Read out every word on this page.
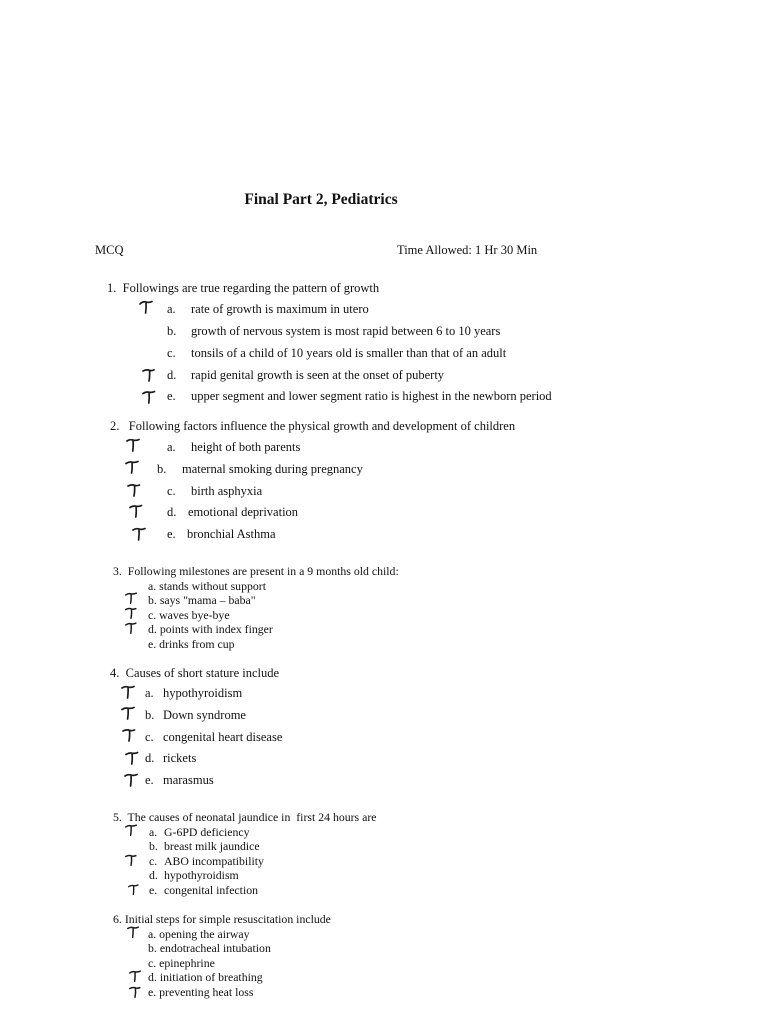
Final Part 2, Pediatrics
MCQ	Time Allowed: 1 Hr 30 Min
1. Followings are true regarding the pattern of growth
a. rate of growth is maximum in utero
b. growth of nervous system is most rapid between 6 to 10 years
c. tonsils of a child of 10 years old is smaller than that of an adult
d. rapid genital growth is seen at the onset of puberty
e. upper segment and lower segment ratio is highest in the newborn period
2. Following factors influence the physical growth and development of children
a. height of both parents
b. maternal smoking during pregnancy
c. birth asphyxia
d. emotional deprivation
e. bronchial Asthma
3. Following milestones are present in a 9 months old child:
a. stands without support
b. says "mama – baba"
c. waves bye-bye
d. points with index finger
e. drinks from cup
4. Causes of short stature include
a. hypothyroidism
b. Down syndrome
c. congenital heart disease
d. rickets
e. marasmus
5. The causes of neonatal jaundice in  first 24 hours are
a. G-6PD deficiency
b. breast milk jaundice
c. ABO incompatibility
d. hypothyroidism
e. congenital infection
6. Initial steps for simple resuscitation include
a. opening the airway
b. endotracheal intubation
c. epinephrine
d. initiation of breathing
e. preventing heat loss
